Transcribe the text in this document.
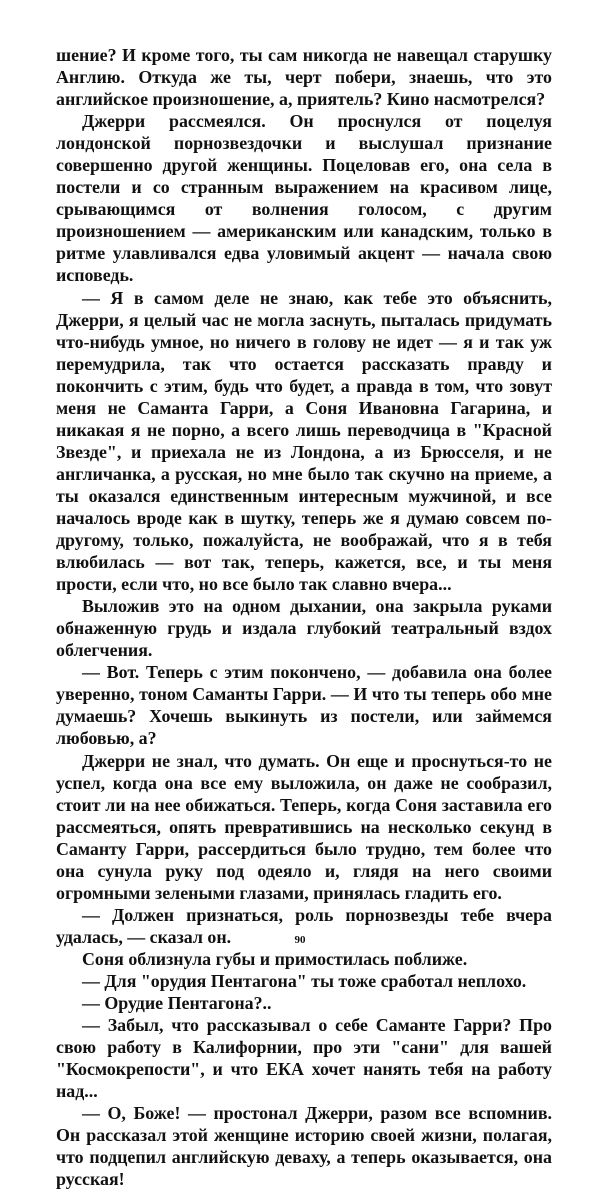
шение? И кроме того, ты сам никогда не навещал старушку Англию. Откуда же ты, черт побери, знаешь, что это английское произношение, а, приятель? Кино насмотрелся?

Джерри рассмеялся. Он проснулся от поцелуя лондонской порнозвездочки и выслушал признание совершенно другой женщины. Поцеловав его, она села в постели и со странным выражением на красивом лице, срывающимся от волнения голосом, с другим произношением — американским или канадским, только в ритме улавливался едва уловимый акцент — начала свою исповедь.

— Я в самом деле не знаю, как тебе это объяснить, Джерри, я целый час не могла заснуть, пыталась придумать что-нибудь умное, но ничего в голову не идет — я и так уж перемудрила, так что остается рассказать правду и покончить с этим, будь что будет, а правда в том, что зовут меня не Саманта Гарри, а Соня Ивановна Гагарина, и никакая я не порно, а всего лишь переводчица в "Красной Звезде", и приехала не из Лондона, а из Брюсселя, и не англичанка, а русская, но мне было так скучно на приеме, а ты оказался единственным интересным мужчиной, и все началось вроде как в шутку, теперь же я думаю совсем по-другому, только, пожалуйста, не воображай, что я в тебя влюбилась — вот так, теперь, кажется, все, и ты меня прости, если что, но все было так славно вчера...

Выложив это на одном дыхании, она закрыла руками обнаженную грудь и издала глубокий театральный вздох облегчения.

— Вот. Теперь с этим покончено, — добавила она более уверенно, тоном Саманты Гарри. — И что ты теперь обо мне думаешь? Хочешь выкинуть из постели, или займемся любовью, а?

Джерри не знал, что думать. Он еще и проснуться-то не успел, когда она все ему выложила, он даже не сообразил, стоит ли на нее обижаться. Теперь, когда Соня заставила его рассмеяться, опять превратившись на несколько секунд в Саманту Гарри, рассердиться было трудно, тем более что она сунула руку под одеяло и, глядя на него своими огромными зелеными глазами, принялась гладить его.

— Должен признаться, роль порнозвезды тебе вчера удалась, — сказал он.

Соня облизнула губы и примостилась поближе.

— Для "орудия Пентагона" ты тоже сработал неплохо.

— Орудие Пентагона?..

— Забыл, что рассказывал о себе Саманте Гарри? Про свою работу в Калифорнии, про эти "сани" для вашей "Космокрепости", и что ЕКА хочет нанять тебя на работу над...

— О, Боже! — простонал Джерри, разом все вспомнив. Он рассказал этой женщине историю своей жизни, полагая, что подцепил английскую деваху, а теперь оказывается, она русская!

90
